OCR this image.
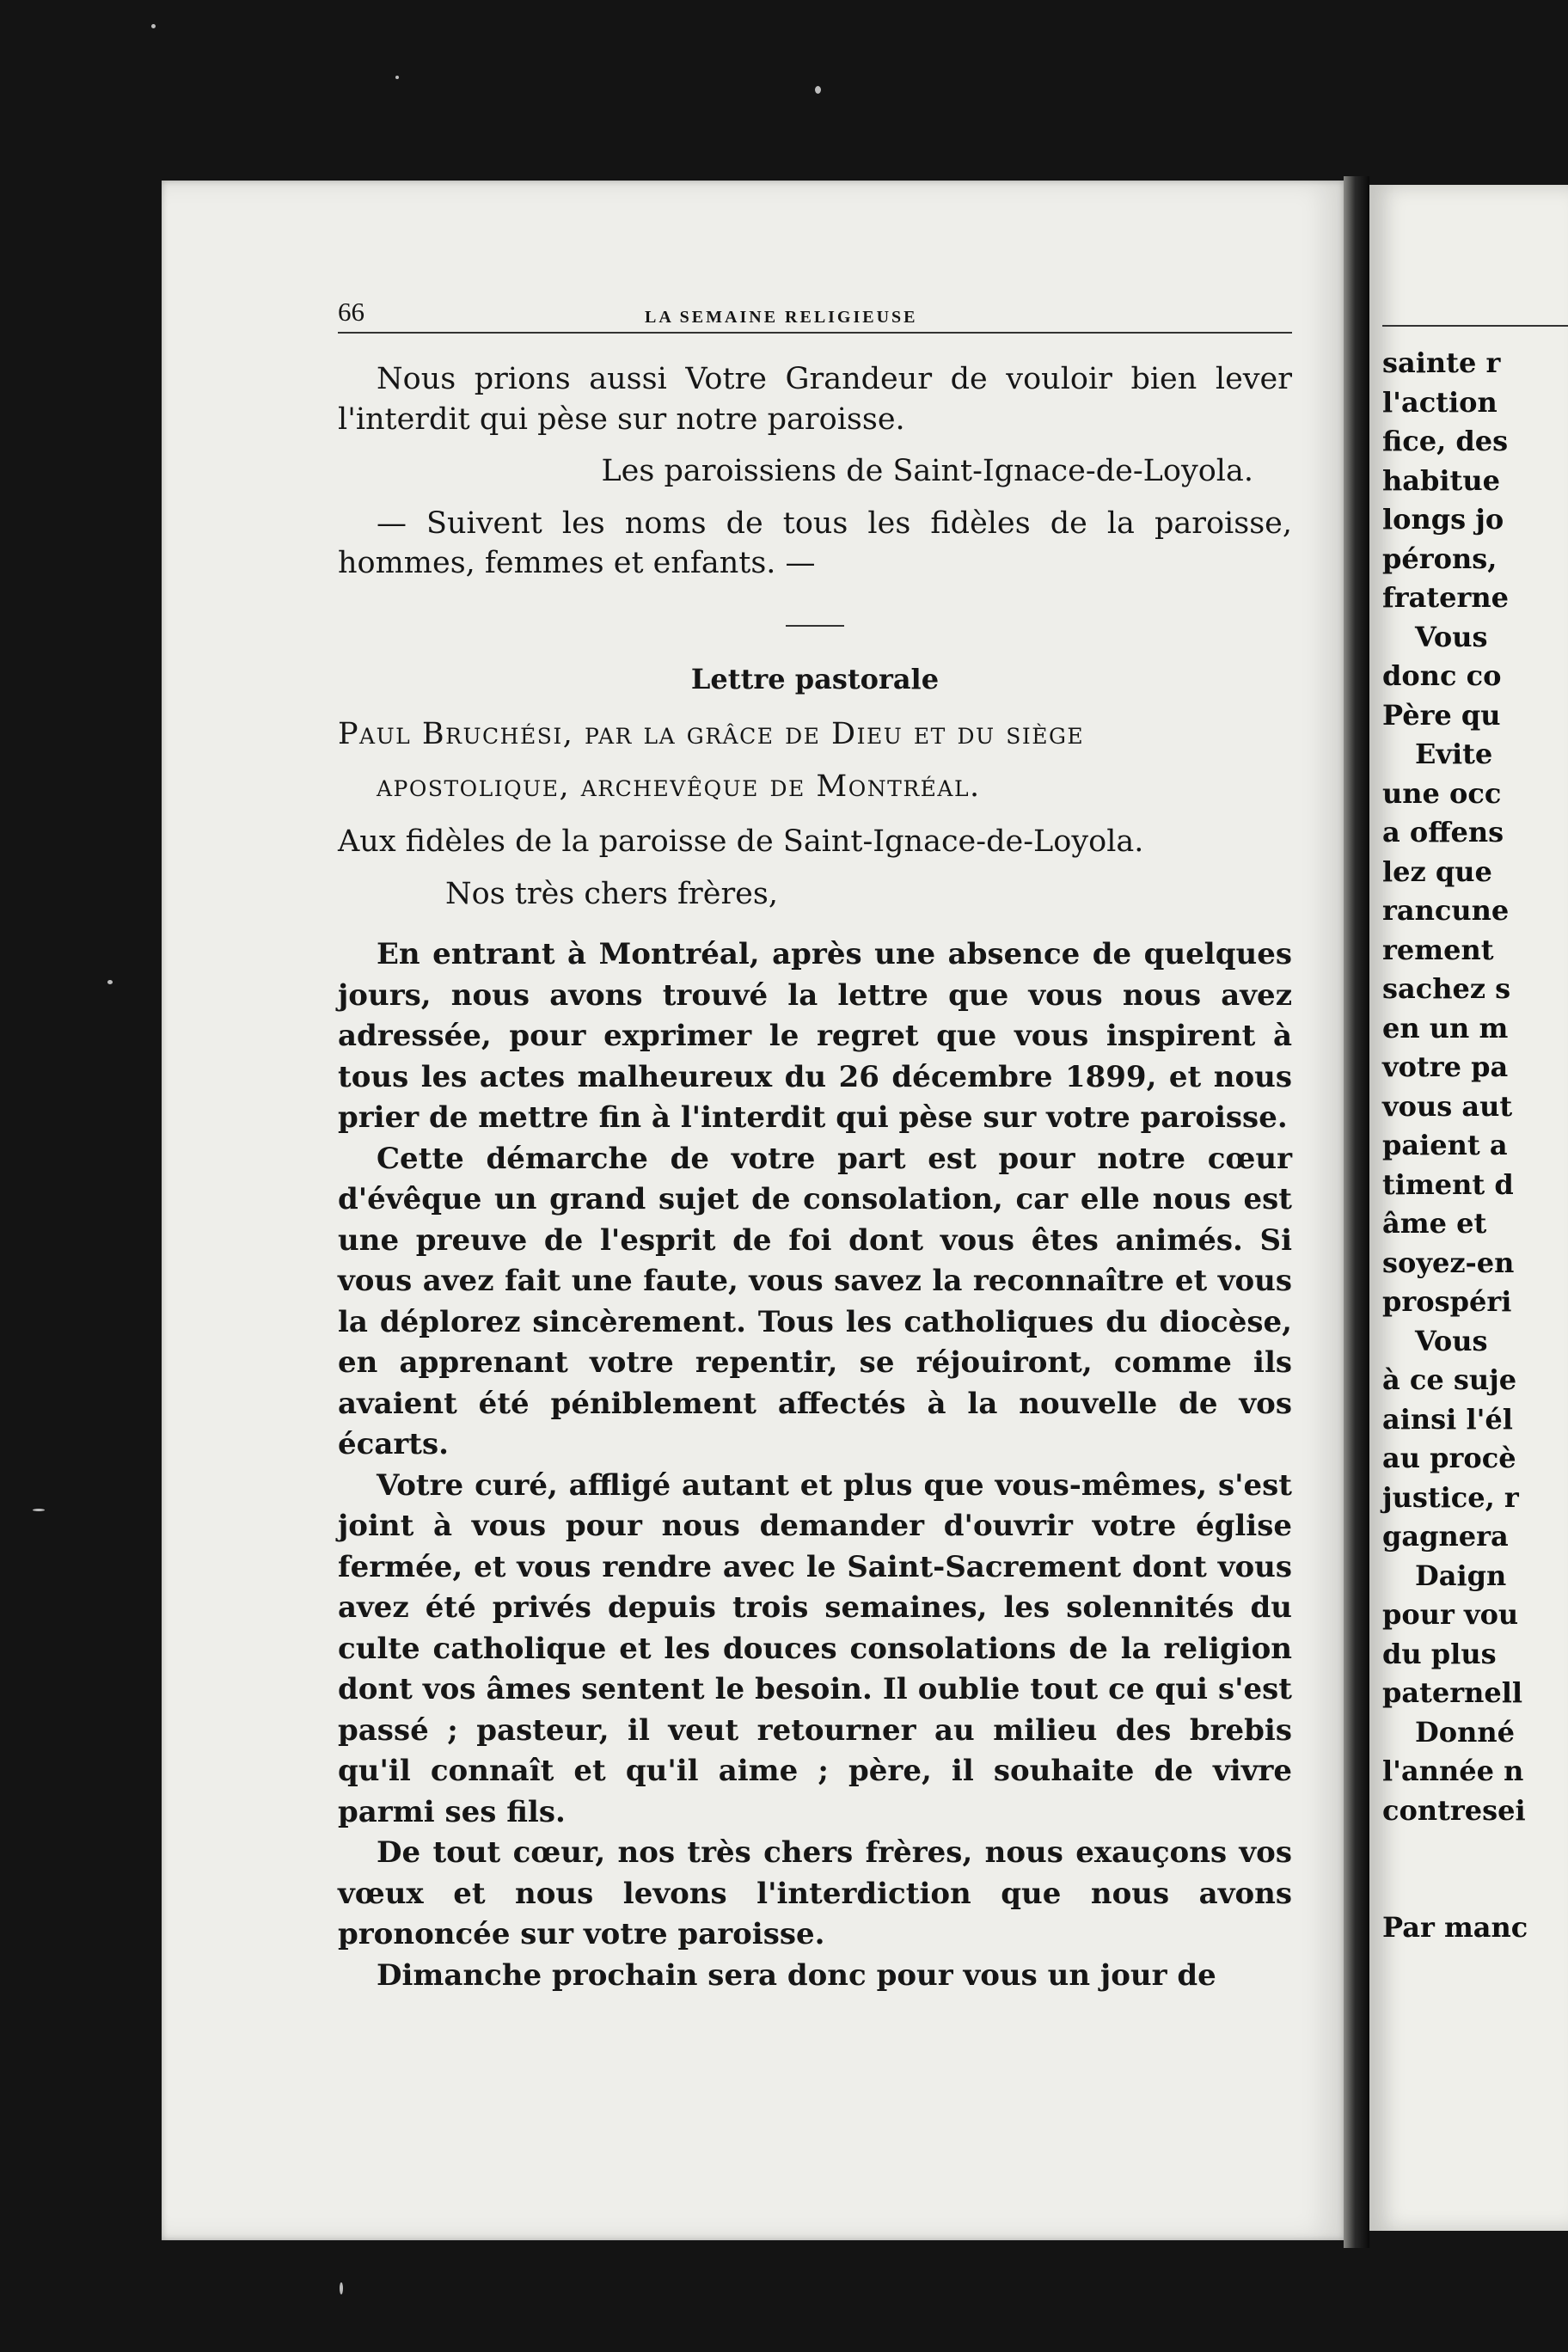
66	LA SEMAINE RELIGIEUSE

Nous prions aussi Votre Grandeur de vouloir bien lever l'interdit qui pèse sur notre paroisse.

Les paroissiens de Saint-Ignace-de-Loyola.

— Suivent les noms de tous les fidèles de la paroisse, hommes, femmes et enfants. —

Lettre pastorale

Paul Bruchési, par la grâce de Dieu et du siège

apostolique, archevêque de Montréal.

Aux fidèles de la paroisse de Saint-Ignace-de-Loyola.

Nos très chers frères,

En entrant à Montréal, après une absence de quelques jours, nous avons trouvé la lettre que vous nous avez adressée, pour exprimer le regret que vous inspirent à tous les actes malheureux du 26 décembre 1899, et nous prier de mettre fin à l'interdit qui pèse sur votre paroisse.

Cette démarche de votre part est pour notre cœur d'évêque un grand sujet de consolation, car elle nous est une preuve de l'esprit de foi dont vous êtes animés. Si vous avez fait une faute, vous savez la reconnaître et vous la déplorez sincèrement. Tous les catholiques du diocèse, en apprenant votre repentir, se réjouiront, comme ils avaient été péniblement affectés à la nouvelle de vos écarts.

Votre curé, affligé autant et plus que vous-mêmes, s'est joint à vous pour nous demander d'ouvrir votre église fermée, et vous rendre avec le Saint-Sacrement dont vous avez été privés depuis trois semaines, les solennités du culte catholique et les douces consolations de la religion dont vos âmes sentent le besoin. Il oublie tout ce qui s'est passé ; pasteur, il veut retourner au milieu des brebis qu'il connaît et qu'il aime ; père, il souhaite de vivre parmi ses fils.

De tout cœur, nos très chers frères, nous exauçons vos vœux et nous levons l'interdiction que nous avons prononcée sur votre paroisse.

Dimanche prochain sera donc pour vous un jour de

sainte r
l'action
fice, des
habitue
longs jo
pérons,
fraterne
Vous
donc co
Père qu
Evite
une occ
a offens
lez que
rancune
rement
sachez s
en un m
votre pa
vous aut
paient a
timent d
âme et
soyez-en
prospéri
Vous
à ce suje
ainsi l'él
au procè
justice, r
gagnera
Daign
pour vou
du plus
paternell
Donné
l'année n
contresei
Par manc
